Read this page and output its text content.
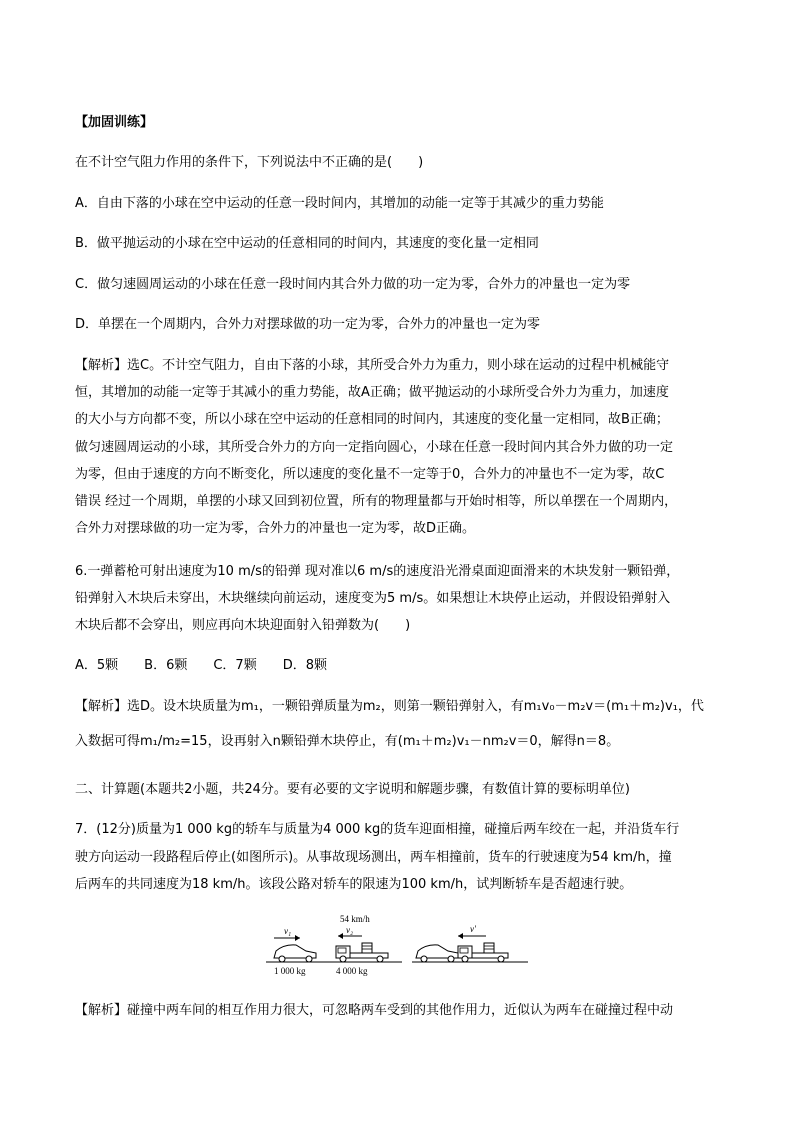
【加固训练】
在不计空气阻力作用的条件下，下列说法中不正确的是(　　)
A．自由下落的小球在空中运动的任意一段时间内，其增加的动能一定等于其减少的重力势能
B．做平抛运动的小球在空中运动的任意相同的时间内，其速度的变化量一定相同
C．做匀速圆周运动的小球在任意一段时间内其合外力做的功一定为零，合外力的冲量也一定为零
D．单摆在一个周期内，合外力对摆球做的功一定为零，合外力的冲量也一定为零
【解析】选C。不计空气阻力，自由下落的小球，其所受合外力为重力，则小球在运动的过程中机械能守
恒，其增加的动能一定等于其减小的重力势能，故A正确；做平抛运动的小球所受合外力为重力，加速度
的大小与方向都不变，所以小球在空中运动的任意相同的时间内，其速度的变化量一定相同，故B正确；
做匀速圆周运动的小球，其所受合外力的方向一定指向圆心，小球在任意一段时间内其合外力做的功一定
为零，但由于速度的方向不断变化，所以速度的变化量不一定等于0，合外力的冲量也不一定为零，故C
错误 经过一个周期，单摆的小球又回到初位置，所有的物理量都与开始时相等，所以单摆在一个周期内，
合外力对摆球做的功一定为零，合外力的冲量也一定为零，故D正确。
6.一弹蓄枪可射出速度为10 m/s的铅弹 现对准以6 m/s的速度沿光滑桌面迎面滑来的木块发射一颗铅弹，
铅弹射入木块后未穿出，木块继续向前运动，速度变为5 m/s。如果想让木块停止运动，并假设铅弹射入
木块后都不会穿出，则应再向木块迎面射入铅弹数为(　　)
A．5颗　　B．6颗　　C．7颗　　D．8颗
【解析】选D。设木块质量为m₁，一颗铅弹质量为m₂，则第一颗铅弹射入，有m₁v₀－m₂v＝(m₁＋m₂)v₁，代
入数据可得m₁/m₂=15，设再射入n颗铅弹木块停止，有(m₁＋m₂)v₁－nm₂v＝0，解得n＝8。
二、计算题(本题共2小题，共24分。要有必要的文字说明和解题步骤，有数值计算的要标明单位)
7．(12分)质量为1 000 kg的轿车与质量为4 000 kg的货车迎面相撞，碰撞后两车绞在一起，并沿货车行
驶方向运动一段路程后停止(如图所示)。从事故现场测出，两车相撞前，货车的行驶速度为54 km/h，撞
后两车的共同速度为18 km/h。该段公路对轿车的限速为100 km/h，试判断轿车是否超速行驶。
【解析】碰撞中两车间的相互作用力很大，可忽略两车受到的其他作用力，近似认为两车在碰撞过程中动
v₁	v₂
54 km/h
1 000 kg	4 000 kg
v′
